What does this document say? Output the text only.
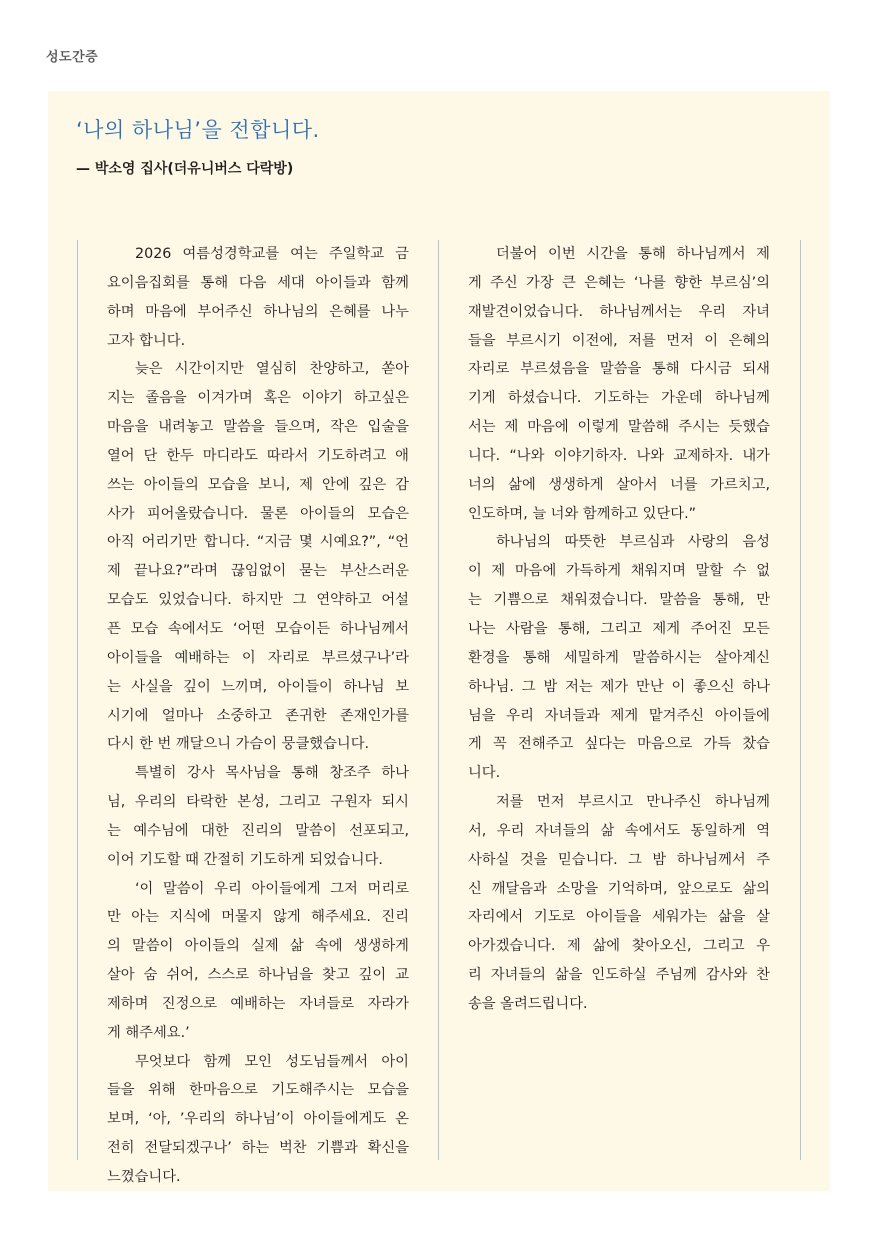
성도간증
‘나의 하나님’을 전합니다.
— 박소영 집사(더유니버스 다락방)
2026 여름성경학교를 여는 주일학교 금
요이음집회를 통해 다음 세대 아이들과 함께
하며 마음에 부어주신 하나님의 은혜를 나누
고자 합니다.
늦은 시간이지만 열심히 찬양하고, 쏟아
지는 졸음을 이겨가며 혹은 이야기 하고싶은
마음을 내려놓고 말씀을 들으며, 작은 입술을
열어 단 한두 마디라도 따라서 기도하려고 애
쓰는 아이들의 모습을 보니, 제 안에 깊은 감
사가 피어올랐습니다. 물론 아이들의 모습은
아직 어리기만 합니다. “지금 몇 시예요?”, “언
제 끝나요?”라며 끊임없이 묻는 부산스러운
모습도 있었습니다. 하지만 그 연약하고 어설
픈 모습 속에서도 ‘어떤 모습이든 하나님께서
아이들을 예배하는 이 자리로 부르셨구나’라
는 사실을 깊이 느끼며, 아이들이 하나님 보
시기에 얼마나 소중하고 존귀한 존재인가를
다시 한 번 깨달으니 가슴이 뭉클했습니다.
특별히 강사 목사님을 통해 창조주 하나
님, 우리의 타락한 본성, 그리고 구원자 되시
는 예수님에 대한 진리의 말씀이 선포되고,
이어 기도할 때 간절히 기도하게 되었습니다.
‘이 말씀이 우리 아이들에게 그저 머리로
만 아는 지식에 머물지 않게 해주세요. 진리
의 말씀이 아이들의 실제 삶 속에 생생하게
살아 숨 쉬어, 스스로 하나님을 찾고 깊이 교
제하며 진정으로 예배하는 자녀들로 자라가
게 해주세요.’
무엇보다 함께 모인 성도님들께서 아이
들을 위해 한마음으로 기도해주시는 모습을
보며, ‘아, ’우리의 하나님’이 아이들에게도 온
전히 전달되겠구나’ 하는 벅찬 기쁨과 확신을
느꼈습니다.
더불어 이번 시간을 통해 하나님께서 제
게 주신 가장 큰 은혜는 ‘나를 향한 부르심’의
재발견이었습니다. 하나님께서는 우리 자녀
들을 부르시기 이전에, 저를 먼저 이 은혜의
자리로 부르셨음을 말씀을 통해 다시금 되새
기게 하셨습니다. 기도하는 가운데 하나님께
서는 제 마음에 이렇게 말씀해 주시는 듯했습
니다. “나와 이야기하자. 나와 교제하자. 내가
너의 삶에 생생하게 살아서 너를 가르치고,
인도하며, 늘 너와 함께하고 있단다.”
하나님의 따뜻한 부르심과 사랑의 음성
이 제 마음에 가득하게 채워지며 말할 수 없
는 기쁨으로 채워졌습니다. 말씀을 통해, 만
나는 사람을 통해, 그리고 제게 주어진 모든
환경을 통해 세밀하게 말씀하시는 살아계신
하나님. 그 밤 저는 제가 만난 이 좋으신 하나
님을 우리 자녀들과 제게 맡겨주신 아이들에
게 꼭 전해주고 싶다는 마음으로 가득 찼습
니다.
저를 먼저 부르시고 만나주신 하나님께
서, 우리 자녀들의 삶 속에서도 동일하게 역
사하실 것을 믿습니다. 그 밤 하나님께서 주
신 깨달음과 소망을 기억하며, 앞으로도 삶의
자리에서 기도로 아이들을 세워가는 삶을 살
아가겠습니다. 제 삶에 찾아오신, 그리고 우
리 자녀들의 삶을 인도하실 주님께 감사와 찬
송을 올려드립니다.
